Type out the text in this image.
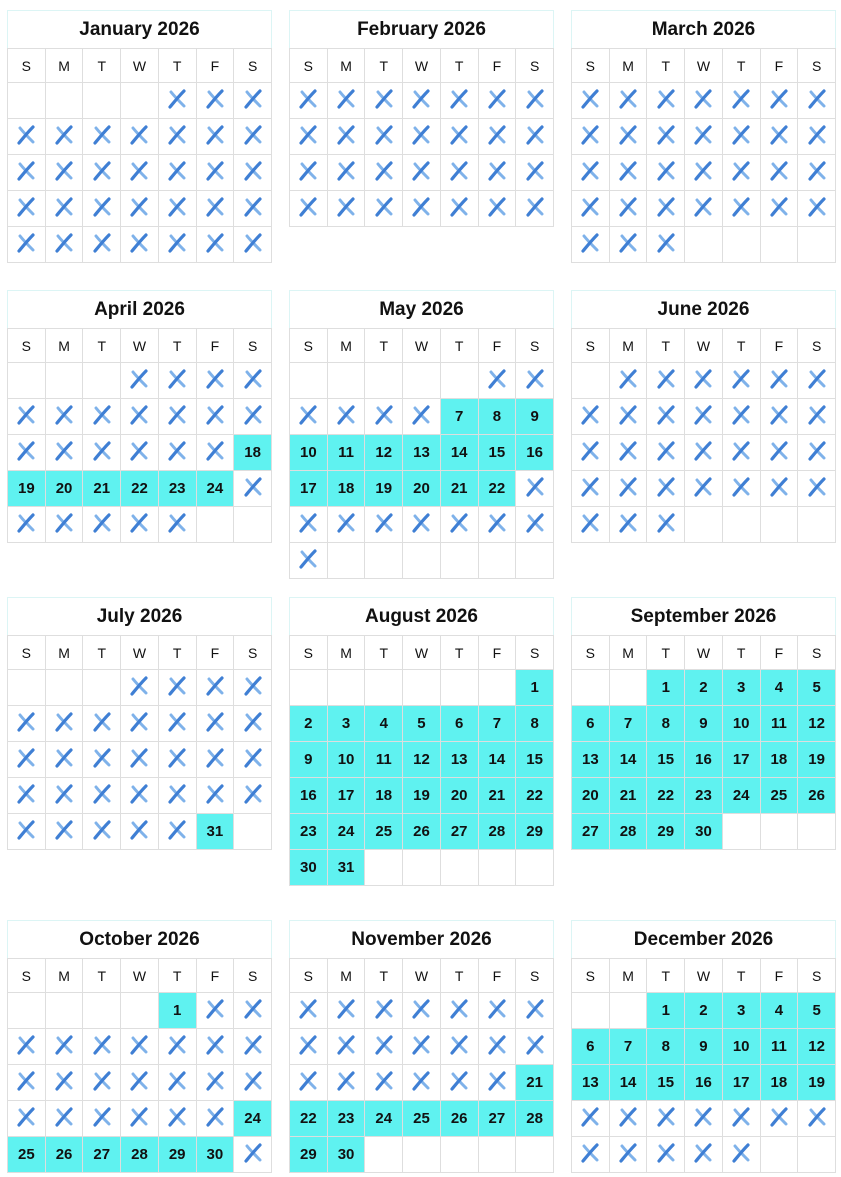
January 2026
S	M	T	W	T	F	S

February 2026
S	M	T	W	T	F	S

March 2026
S	M	T	W	T	F	S

April 2026
S	M	T	W	T	F	S

						18
19	20	21	22	23	24	

May 2026
S	M	T	W	T	F	S

				7	8	9
10	11	12	13	14	15	16
17	18	19	20	21	22	

June 2026
S	M	T	W	T	F	S

July 2026
S	M	T	W	T	F	S

					31	
August 2026
S	M	T	W	T	F	S
						1
2	3	4	5	6	7	8
9	10	11	12	13	14	15
16	17	18	19	20	21	22
23	24	25	26	27	28	29
30	31					
September 2026
S	M	T	W	T	F	S
		1	2	3	4	5
6	7	8	9	10	11	12
13	14	15	16	17	18	19
20	21	22	23	24	25	26
27	28	29	30			
October 2026
S	M	T	W	T	F	S
				1		

						24
25	26	27	28	29	30	
November 2026
S	M	T	W	T	F	S

						21
22	23	24	25	26	27	28
29	30					
December 2026
S	M	T	W	T	F	S
		1	2	3	4	5
6	7	8	9	10	11	12
13	14	15	16	17	18	19
